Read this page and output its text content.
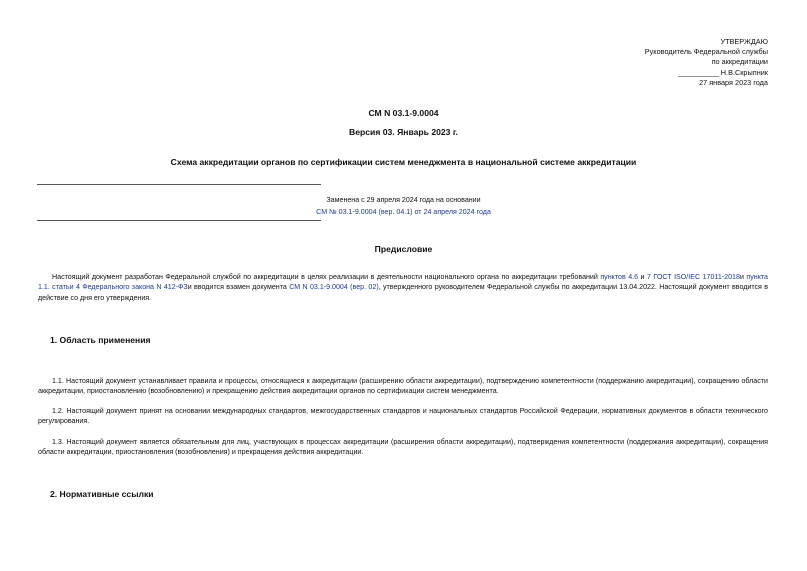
УТВЕРЖДАЮ
Руководитель Федеральной службы
по аккредитации
__________ Н.В.Скрыпник
27 января 2023 года
СМ N 03.1-9.0004
Версия 03. Январь 2023 г.
Схема аккредитации органов по сертификации систем менеджмента в национальной системе аккредитации
Заменена с 29 апреля 2024 года на основании
СМ № 03.1-9.0004 (вер. 04.1) от 24 апреля 2024 года
Предисловие
Настоящий документ разработан Федеральной службой по аккредитации в целях реализации в деятельности национального органа по аккредитации требований пунктов 4.6 и 7 ГОСТ ISO/IEC 17011-2018и пункта 1.1. статьи 4 Федерального закона N 412-ФЗи вводится взамен документа СМ N 03.1-9.0004 (вер. 02), утвержденного руководителем Федеральной службы по аккредитации 13.04.2022. Настоящий документ вводится в действие со дня его утверждения.
1. Область применения
1.1. Настоящий документ устанавливает правила и процессы, относящиеся к аккредитации (расширению области аккредитации), подтверждению компетентности (поддержанию аккредитации), сокращению области аккредитации, приостановлению (возобновлению) и прекращению действия аккредитации органов по сертификации систем менеджмента.
1.2. Настоящий документ принят на основании международных стандартов, межгосударственных стандартов и национальных стандартов Российской Федерации, нормативных документов в области технического регулирования.
1.3. Настоящий документ является обязательным для лиц, участвующих в процессах аккредитации (расширения области аккредитации), подтверждения компетентности (поддержания аккредитации), сокращения области аккредитации, приостановления (возобновления) и прекращения действия аккредитации.
2. Нормативные ссылки
